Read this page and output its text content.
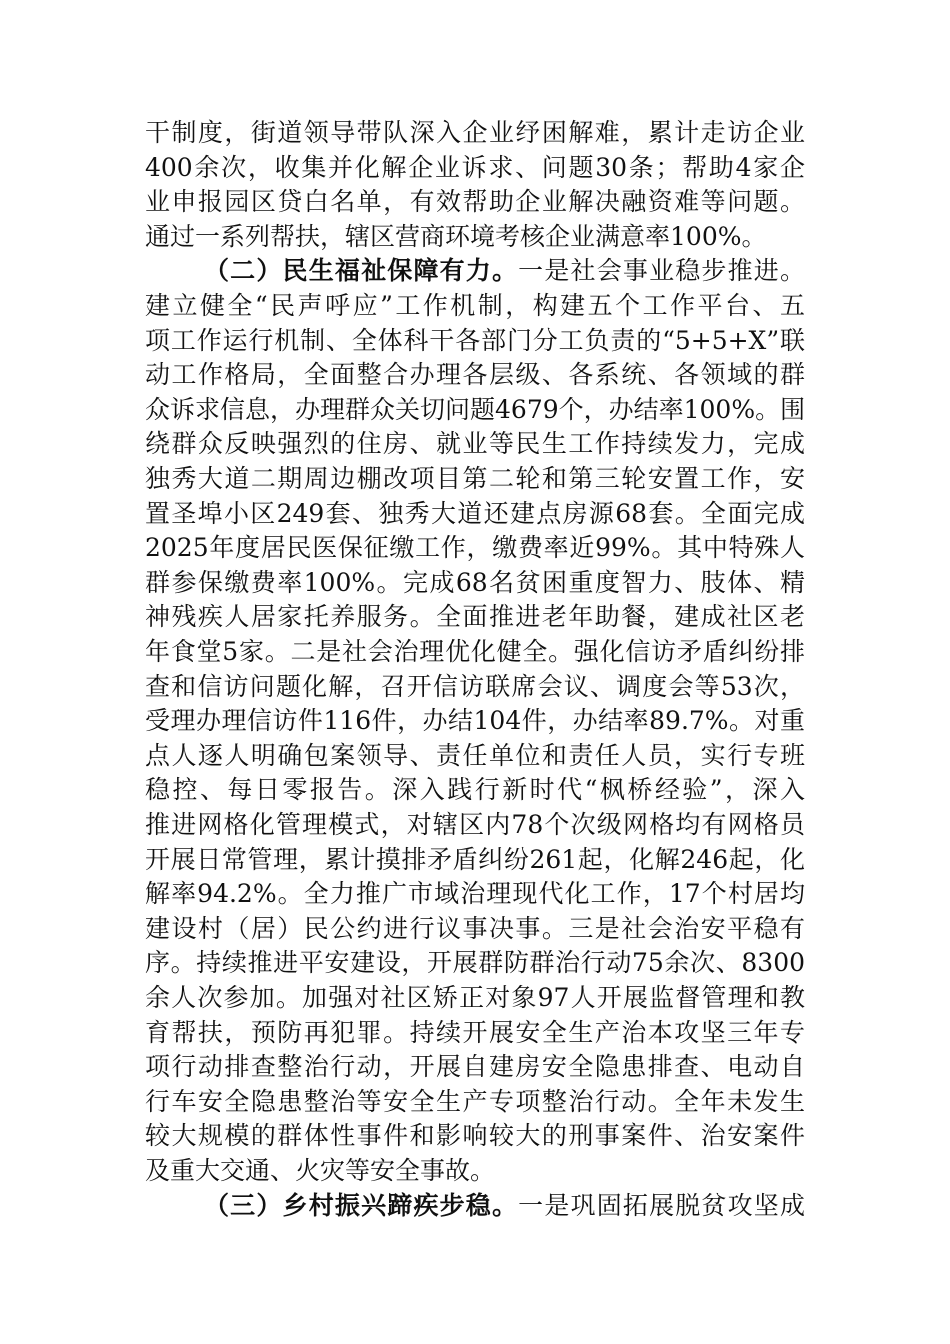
干制度，街道领导带队深入企业纾困解难，累计走访企业
400余次，收集并化解企业诉求、问题30条；帮助4家企
业申报园区贷白名单，有效帮助企业解决融资难等问题。
通过一系列帮扶，辖区营商环境考核企业满意率100%。
（二）民生福祉保障有力。一是社会事业稳步推进。
建立健全“民声呼应”工作机制，构建五个工作平台、五
项工作运行机制、全体科干各部门分工负责的“5+5+X”联
动工作格局，全面整合办理各层级、各系统、各领域的群
众诉求信息，办理群众关切问题4679个，办结率100%。围
绕群众反映强烈的住房、就业等民生工作持续发力，完成
独秀大道二期周边棚改项目第二轮和第三轮安置工作，安
置圣埠小区249套、独秀大道还建点房源68套。全面完成
2025年度居民医保征缴工作，缴费率近99%。其中特殊人
群参保缴费率100%。完成68名贫困重度智力、肢体、精
神残疾人居家托养服务。全面推进老年助餐，建成社区老
年食堂5家。二是社会治理优化健全。强化信访矛盾纠纷排
查和信访问题化解，召开信访联席会议、调度会等53次，
受理办理信访件116件，办结104件，办结率89.7%。对重
点人逐人明确包案领导、责任单位和责任人员，实行专班
稳控、每日零报告。深入践行新时代“枫桥经验”，深入
推进网格化管理模式，对辖区内78个次级网格均有网格员
开展日常管理，累计摸排矛盾纠纷261起，化解246起，化
解率94.2%。全力推广市域治理现代化工作，17个村居均
建设村（居）民公约进行议事决事。三是社会治安平稳有
序。持续推进平安建设，开展群防群治行动75余次、8300
余人次参加。加强对社区矫正对象97人开展监督管理和教
育帮扶，预防再犯罪。持续开展安全生产治本攻坚三年专
项行动排查整治行动，开展自建房安全隐患排查、电动自
行车安全隐患整治等安全生产专项整治行动。全年未发生
较大规模的群体性事件和影响较大的刑事案件、治安案件
及重大交通、火灾等安全事故。
（三）乡村振兴蹄疾步稳。一是巩固拓展脱贫攻坚成
